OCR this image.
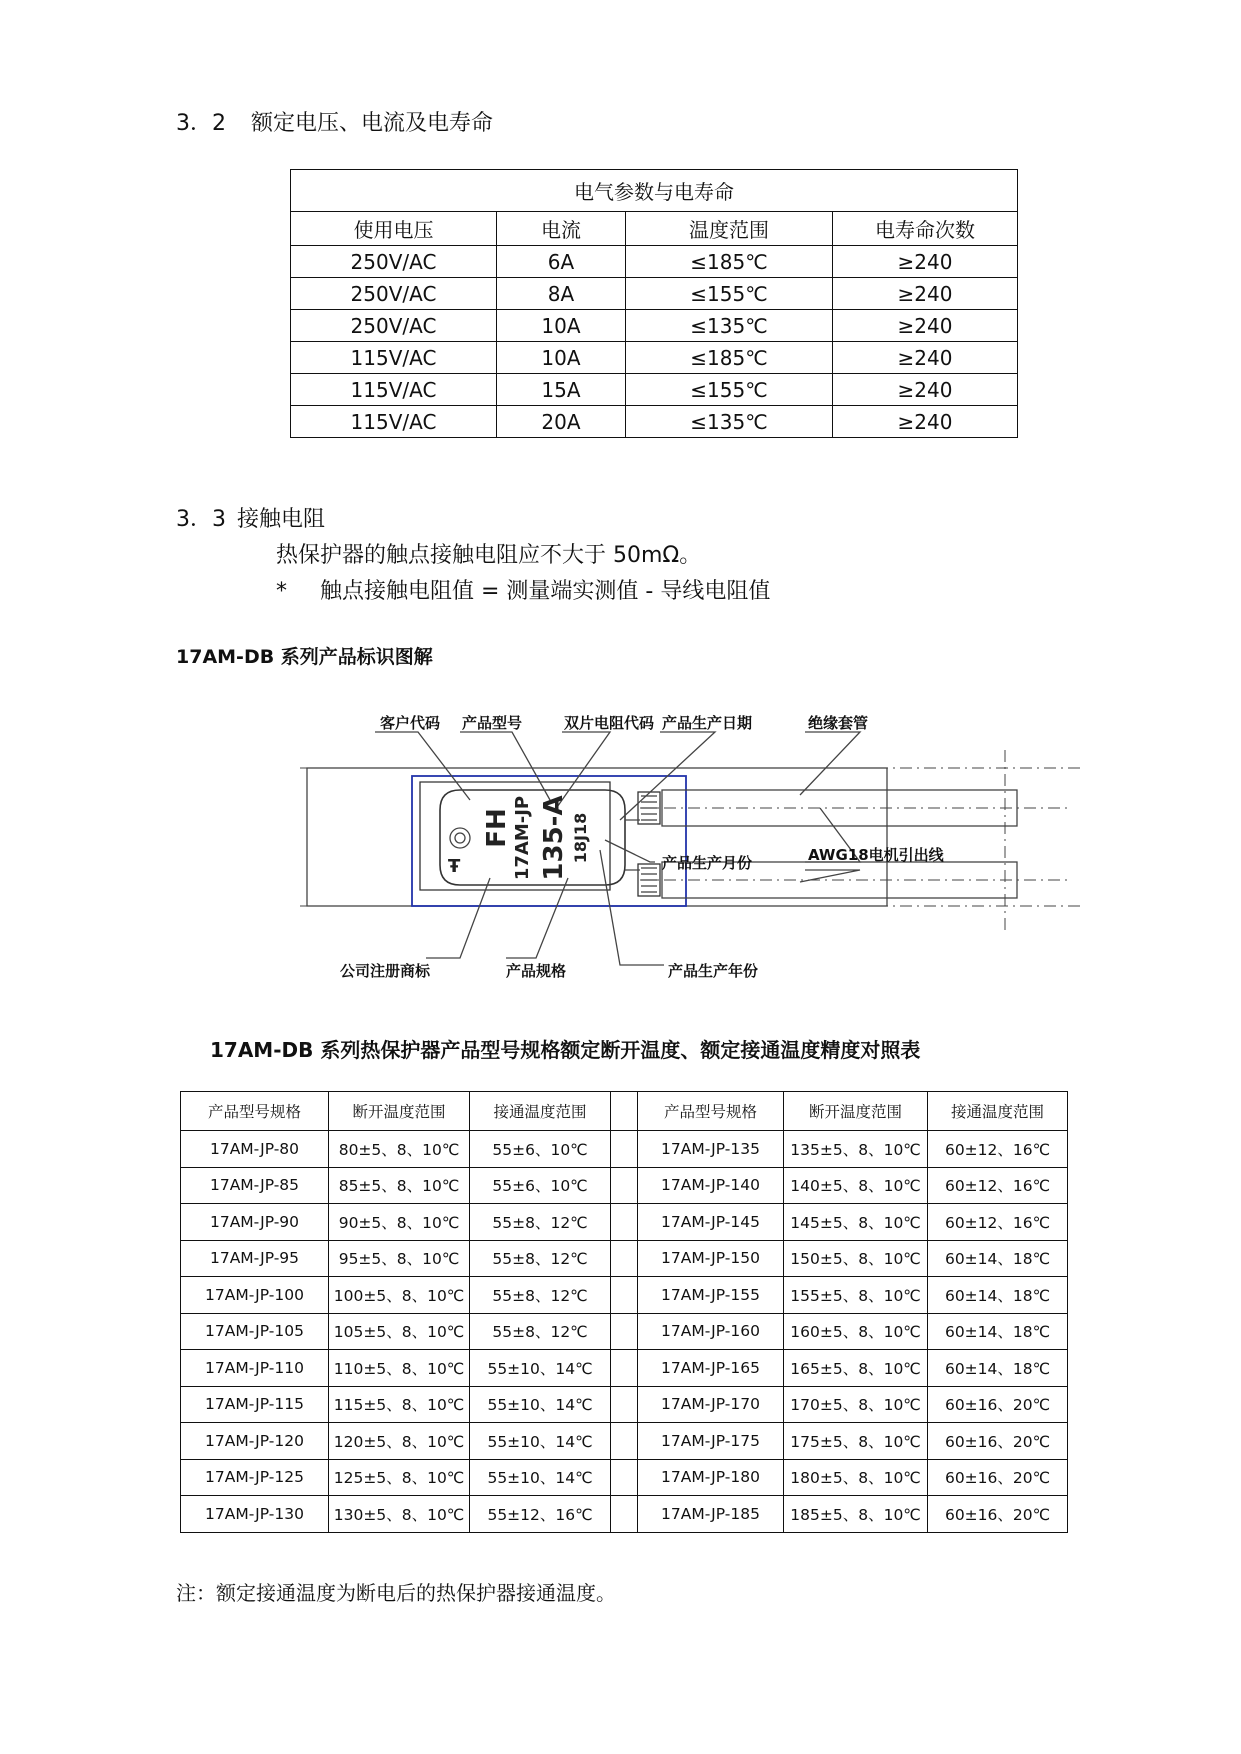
3．2 额定电压、电流及电寿命
电气参数与电寿命			
使用电压	电流	温度范围	电寿命次数
250V/AC	6A	≤185℃	≥240
250V/AC	8A	≤155℃	≥240
250V/AC	10A	≤135℃	≥240
115V/AC	10A	≤185℃	≥240
115V/AC	15A	≤155℃	≥240
115V/AC	20A	≤135℃	≥240
3．3 接触电阻
热保护器的触点接触电阻应不大于 50mΩ。
* 触点接触电阻值 = 测量端实测值 - 导线电阻值
17AM-DB 系列产品标识图解
FH 17AM-JP 135-A 18J18
Ŧ
客户代码 产品型号	双片电阻代码 产品生产日期	绝缘套管
产品生产月份	AWG18电机引出线
公司注册商标	产品规格	产品生产年份
17AM-DB 系列热保护器产品型号规格额定断开温度、额定接通温度精度对照表
产品型号规格	断开温度范围	接通温度范围		产品型号规格	断开温度范围	接通温度范围
17AM-JP-80	80±5、8、10℃	55±6、10℃		17AM-JP-135	135±5、8、10℃	60±12、16℃
17AM-JP-85	85±5、8、10℃	55±6、10℃		17AM-JP-140	140±5、8、10℃	60±12、16℃
17AM-JP-90	90±5、8、10℃	55±8、12℃		17AM-JP-145	145±5、8、10℃	60±12、16℃
17AM-JP-95	95±5、8、10℃	55±8、12℃		17AM-JP-150	150±5、8、10℃	60±14、18℃
17AM-JP-100	100±5、8、10℃	55±8、12℃		17AM-JP-155	155±5、8、10℃	60±14、18℃
17AM-JP-105	105±5、8、10℃	55±8、12℃		17AM-JP-160	160±5、8、10℃	60±14、18℃
17AM-JP-110	110±5、8、10℃	55±10、14℃		17AM-JP-165	165±5、8、10℃	60±14、18℃
17AM-JP-115	115±5、8、10℃	55±10、14℃		17AM-JP-170	170±5、8、10℃	60±16、20℃
17AM-JP-120	120±5、8、10℃	55±10、14℃		17AM-JP-175	175±5、8、10℃	60±16、20℃
17AM-JP-125	125±5、8、10℃	55±10、14℃		17AM-JP-180	180±5、8、10℃	60±16、20℃
17AM-JP-130	130±5、8、10℃	55±12、16℃		17AM-JP-185	185±5、8、10℃	60±16、20℃
注：额定接通温度为断电后的热保护器接通温度。
